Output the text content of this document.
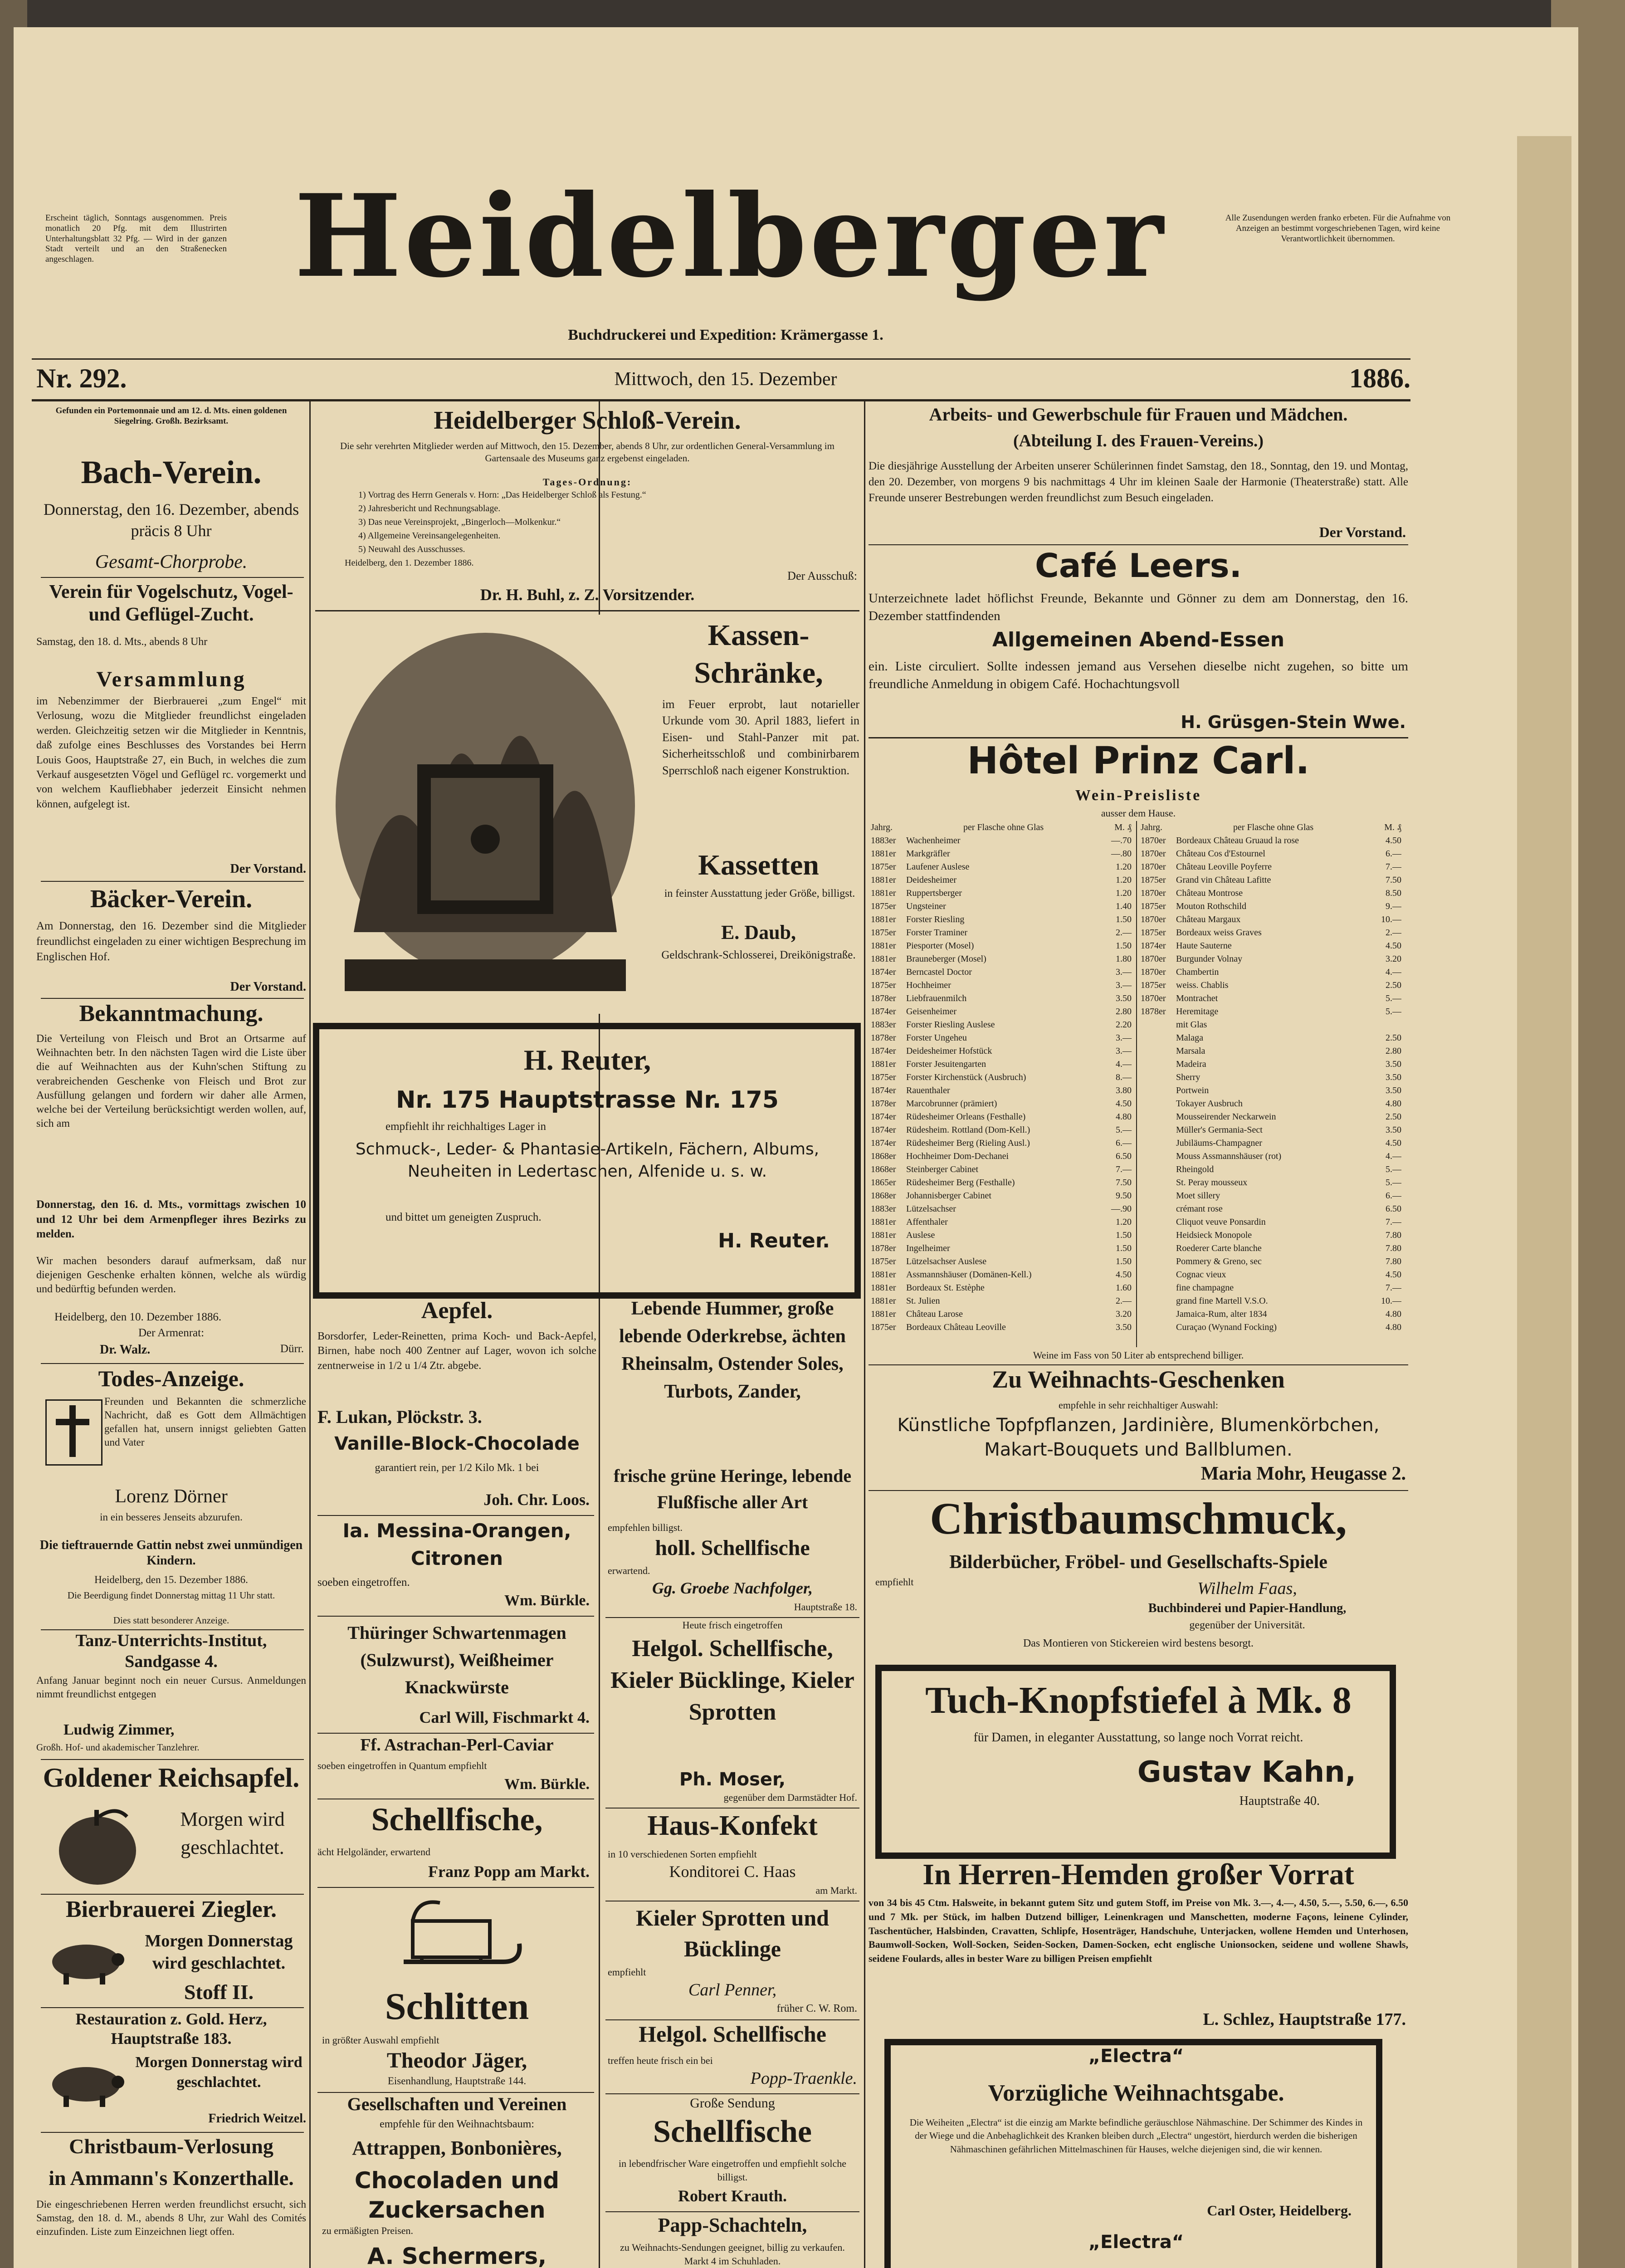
Erscheint täglich, Sonntags ausgenommen. Preis monatlich 20 Pfg. mit dem Illustrirten Unterhaltungsblatt 32 Pfg. — Wird in der ganzen Stadt verteilt und an den Straßenecken angeschlagen.	Heidelberger	Alle Zusendungen werden franko erbeten. Für die Aufnahme von Anzeigen an bestimmt vorgeschriebenen Tagen, wird keine Verantwortlichkeit übernommen.
Buchdruckerei und Expedition: Krämergasse 1.
Nr. 292.	Mittwoch, den 15. Dezember	1886.
Gefunden ein Portemonnaie und am 12. d. Mts. einen goldenen Siegelring. Großh. Bezirksamt.
Bach-Verein.
Donnerstag, den 16. Dezember, abends präcis 8 Uhr
Gesamt-Chorprobe.
Verein für Vogelschutz, Vogel- und Geflügel-Zucht.
Samstag, den 18. d. Mts., abends 8 Uhr
Versammlung
im Nebenzimmer der Bierbrauerei „zum Engel“ mit Verlosung, wozu die Mitglieder freundlichst eingeladen werden. Gleichzeitig setzen wir die Mitglieder in Kenntnis, daß zufolge eines Beschlusses des Vorstandes bei Herrn Louis Goos, Hauptstraße 27, ein Buch, in welches die zum Verkauf ausgesetzten Vögel und Geflügel rc. vorgemerkt und von welchem Kaufliebhaber jederzeit Einsicht nehmen können, aufgelegt ist.
Der Vorstand.
Bäcker-Verein.
Am Donnerstag, den 16. Dezember sind die Mitglieder freundlichst eingeladen zu einer wichtigen Besprechung im Englischen Hof.
Der Vorstand.
Bekanntmachung.
Die Verteilung von Fleisch und Brot an Ortsarme auf Weihnachten betr. In den nächsten Tagen wird die Liste über die auf Weihnachten aus der Kuhn'schen Stiftung zu verabreichenden Geschenke von Fleisch und Brot zur Ausfüllung gelangen und fordern wir daher alle Armen, welche bei der Verteilung berücksichtigt werden wollen, auf, sich am
Donnerstag, den 16. d. Mts., vormittags zwischen 10 und 12 Uhr bei dem Armenpfleger ihres Bezirks zu melden.
Wir machen besonders darauf aufmerksam, daß nur diejenigen Geschenke erhalten können, welche als würdig und bedürftig befunden werden.
Heidelberg, den 10. Dezember 1886.
Der Armenrat:
Dr. Walz.	Dürr.
Todes-Anzeige.
Freunden und Bekannten die schmerzliche Nachricht, daß es Gott dem Allmächtigen gefallen hat, unsern innigst geliebten Gatten und Vater
Lorenz Dörner
in ein besseres Jenseits abzurufen.
Die tieftrauernde Gattin nebst zwei unmündigen Kindern.
Heidelberg, den 15. Dezember 1886.
Die Beerdigung findet Donnerstag mittag 11 Uhr statt.
Dies statt besonderer Anzeige.
Tanz-Unterrichts-Institut, Sandgasse 4.
Anfang Januar beginnt noch ein neuer Cursus. Anmeldungen nimmt freundlichst entgegen
Ludwig Zimmer,
Großh. Hof- und akademischer Tanzlehrer.
Goldener Reichsapfel.
Morgen wird geschlachtet.
Bierbrauerei Ziegler.
Morgen Donnerstag wird geschlachtet.
Stoff II.
Restauration z. Gold. Herz, Hauptstraße 183.
Morgen Donnerstag wird geschlachtet.
Friedrich Weitzel.
Christbaum-Verlosung
in Ammann's Konzerthalle.
Die eingeschriebenen Herren werden freundlichst ersucht, sich Samstag, den 18. d. M., abends 8 Uhr, zur Wahl des Comités einzufinden. Liste zum Einzeichnen liegt offen.
Heidelberger Schloß-Verein.
Die sehr verehrten Mitglieder werden auf Mittwoch, den 15. Dezember, abends 8 Uhr, zur ordentlichen General-Versammlung im Gartensaale des Museums ganz ergebenst eingeladen.
Tages-Ordnung:
1) Vortrag des Herrn Generals v. Horn: „Das Heidelberger Schloß als Festung.“
2) Jahresbericht und Rechnungsablage.
3) Das neue Vereinsprojekt, „Bingerloch—Molkenkur.“
4) Allgemeine Vereinsangelegenheiten.
5) Neuwahl des Ausschusses.
Heidelberg, den 1. Dezember 1886.
Der Ausschuß:
Dr. H. Buhl, z. Z. Vorsitzender.
Kassen-Schränke,
im Feuer erprobt, laut notarieller Urkunde vom 30. April 1883, liefert in Eisen- und Stahl-Panzer mit pat. Sicherheitsschloß und combinirbarem Sperrschloß nach eigener Konstruktion.
Kassetten
in feinster Ausstattung jeder Größe, billigst.
E. Daub,
Geldschrank-Schlosserei, Dreikönigstraße.
H. Reuter,
Nr. 175 Hauptstrasse Nr. 175
empfiehlt ihr reichhaltiges Lager in
Schmuck-, Leder- & Phantasie-Artikeln, Fächern, Albums, Neuheiten in Ledertaschen, Alfenide u. s. w.
und bittet um geneigten Zuspruch.
H. Reuter.
Aepfel.
Borsdorfer, Leder-Reinetten, prima Koch- und Back-Aepfel, Birnen, habe noch 400 Zentner auf Lager, wovon ich solche zentnerweise in 1/2 u 1/4 Ztr. abgebe.
F. Lukan, Plöckstr. 3.
Vanille-Block-Chocolade
garantiert rein, per 1/2 Kilo Mk. 1 bei
Joh. Chr. Loos.
Ia. Messina-Orangen, Citronen
soeben eingetroffen.
Wm. Bürkle.
Thüringer Schwartenmagen (Sulzwurst), Weißheimer Knackwürste
Carl Will, Fischmarkt 4.
Ff. Astrachan-Perl-Caviar
soeben eingetroffen in Quantum empfiehlt
Wm. Bürkle.
Schellfische,
ächt Helgoländer, erwartend
Franz Popp am Markt.
Schlitten
in größter Auswahl empfiehlt
Theodor Jäger,
Eisenhandlung, Hauptstraße 144.
Gesellschaften und Vereinen
empfehle für den Weihnachtsbaum:
Attrappen, Bonbonières,
Chocoladen und Zuckersachen
zu ermäßigten Preisen.
A. Schermers,
Lebende Hummer, große lebende Oderkrebse, ächten Rheinsalm, Ostender Soles, Turbots, Zander,
frische grüne Heringe, lebende Flußfische aller Art
empfehlen billigst.
holl. Schellfische
erwartend.
Gg. Groebe Nachfolger,
Hauptstraße 18.
Heute frisch eingetroffen
Helgol. Schellfische, Kieler Bücklinge, Kieler Sprotten
Ph. Moser,
gegenüber dem Darmstädter Hof.
Haus-Konfekt
in 10 verschiedenen Sorten empfiehlt
Konditorei C. Haas
am Markt.
Kieler Sprotten und Bücklinge
empfiehlt
Carl Penner,
früher C. W. Rom.
Helgol. Schellfische
treffen heute frisch ein bei
Popp-Traenkle.
Große Sendung
Schellfische
in lebendfrischer Ware eingetroffen und empfiehlt solche billigst.
Robert Krauth.
Papp-Schachteln,
zu Weihnachts-Sendungen geeignet, billig zu verkaufen. Markt 4 im Schuhladen.
Arbeits- und Gewerbschule für Frauen und Mädchen.
(Abteilung I. des Frauen-Vereins.)
Die diesjährige Ausstellung der Arbeiten unserer Schülerinnen findet Samstag, den 18., Sonntag, den 19. und Montag, den 20. Dezember, von morgens 9 bis nachmittags 4 Uhr im kleinen Saale der Harmonie (Theaterstraße) statt. Alle Freunde unserer Bestrebungen werden freundlichst zum Besuch eingeladen.
Der Vorstand.
Café Leers.
Unterzeichnete ladet höflichst Freunde, Bekannte und Gönner zu dem am Donnerstag, den 16. Dezember stattfindenden
Allgemeinen Abend-Essen
ein. Liste circuliert. Sollte indessen jemand aus Versehen dieselbe nicht zugehen, so bitte um freundliche Anmeldung in obigem Café. Hochachtungsvoll
H. Grüsgen-Stein Wwe.
Hôtel Prinz Carl.
Wein-Preisliste
ausser dem Hause.
Jahrg.	per Flasche ohne Glas	M. ₰
1883er	Wachenheimer	—.70
1881er	Markgräfler	—.80
1875er	Laufener Auslese	1.20
1881er	Deidesheimer	1.20
1881er	Ruppertsberger	1.20
1875er	Ungsteiner	1.40
1881er	Forster Riesling	1.50
1875er	Forster Traminer	2.—
1881er	Piesporter (Mosel)	1.50
1881er	Brauneberger (Mosel)	1.80
1874er	Berncastel Doctor	3.—
1875er	Hochheimer	3.—
1878er	Liebfrauenmilch	3.50
1874er	Geisenheimer	2.80
1883er	Forster Riesling Auslese	2.20
1878er	Forster Ungeheu	3.—
1874er	Deidesheimer Hofstück	3.—
1881er	Forster Jesuitengarten	4.—
1875er	Forster Kirchenstück (Ausbruch)	8.—
1874er	Rauenthaler	3.80
1878er	Marcobrunner (prämiert)	4.50
1874er	Rüdesheimer Orleans (Festhalle)	4.80
1874er	Rüdesheim. Rottland (Dom-Kell.)	5.—
1874er	Rüdesheimer Berg (Rieling Ausl.)	6.—
1868er	Hochheimer Dom-Dechanei	6.50
1868er	Steinberger Cabinet	7.—
1865er	Rüdesheimer Berg (Festhalle)	7.50
1868er	Johannisberger Cabinet	9.50
1883er	Lützelsachser	—.90
1881er	Affenthaler	1.20
1881er	Auslese	1.50
1878er	Ingelheimer	1.50
1875er	Lützelsachser Auslese	1.50
1881er	Assmannshäuser (Domänen-Kell.)	4.50
1881er	Bordeaux St. Estèphe	1.60
1881er	St. Julien	2.—
1881er	Château Larose	3.20
1875er	Bordeaux Château Leoville	3.50
Jahrg.	per Flasche ohne Glas	M. ₰
1870er	Bordeaux Château Gruaud la rose	4.50
1870er	Château Cos d'Estournel	6.—
1870er	Château Leoville Poyferre	7.—
1875er	Grand vin Château Lafitte	7.50
1870er	Château Montrose	8.50
1875er	Mouton Rothschild	9.—
1870er	Château Margaux	10.—
1875er	Bordeaux weiss Graves	2.—
1874er	Haute Sauterne	4.50
1870er	Burgunder Volnay	3.20
1870er	Chambertin	4.—
1875er	weiss. Chablis	2.50
1870er	Montrachet	5.—
1878er	Heremitage	5.—
mit Glas
Malaga	2.50
Marsala	2.80
Madeira	3.50
Sherry	3.50
Portwein	3.50
Tokayer Ausbruch	4.80
Mousseirender Neckarwein	2.50
Müller's Germania-Sect	3.50
Jubiläums-Champagner	4.50
Mouss Assmannshäuser (rot)	4.—
Rheingold	5.—
St. Peray mousseux	5.—
Moet sillery	6.—
crémant rose	6.50
Cliquot veuve Ponsardin	7.—
Heidsieck Monopole	7.80
Roederer Carte blanche	7.80
Pommery & Greno, sec	7.80
Cognac vieux	4.50
fine champagne	7.—
grand fine Martell V.S.O.	10.—
Jamaica-Rum, alter 1834	4.80
Curaçao (Wynand Focking)	4.80
Weine im Fass von 50 Liter ab entsprechend billiger.
Zu Weihnachts-Geschenken
empfehle in sehr reichhaltiger Auswahl:
Künstliche Topfpflanzen, Jardinière, Blumenkörbchen, Makart-Bouquets und Ballblumen.
Maria Mohr, Heugasse 2.
Christbaumschmuck,
Bilderbücher, Fröbel- und Gesellschafts-Spiele
empfiehlt	Wilhelm Faas,
Buchbinderei und Papier-Handlung,
gegenüber der Universität.
Das Montieren von Stickereien wird bestens besorgt.
Tuch-Knopfstiefel à Mk. 8
für Damen, in eleganter Ausstattung, so lange noch Vorrat reicht.
Gustav Kahn,
Hauptstraße 40.
In Herren-Hemden großer Vorrat
von 34 bis 45 Ctm. Halsweite, in bekannt gutem Sitz und gutem Stoff, im Preise von Mk. 3.—, 4.—, 4.50, 5.—, 5.50, 6.—, 6.50 und 7 Mk. per Stück, im halben Dutzend billiger, Leinenkragen und Manschetten, moderne Façons, leinene Cylinder, Taschentücher, Halsbinden, Cravatten, Schlipfe, Hosenträger, Handschuhe, Unterjacken, wollene Hemden und Unterhosen, Baumwoll-Socken, Woll-Socken, Seiden-Socken, Damen-Socken, echt englische Unionsocken, seidene und wollene Shawls, seidene Foulards, alles in bester Ware zu billigen Preisen empfiehlt
L. Schlez, Hauptstraße 177.
„Electra“
Vorzügliche Weihnachtsgabe.
Die Weiheiten „Electra“ ist die einzig am Markte befindliche geräuschlose Nähmaschine. Der Schimmer des Kindes in der Wiege und die Anbehaglichkeit des Kranken bleiben durch „Electra“ ungestört, hierdurch werden die bisherigen Nähmaschinen gefährlichen Mittelmaschinen für Hauses, welche diejenigen sind, die wir kennen.
Carl Oster, Heidelberg.
„Electra“
